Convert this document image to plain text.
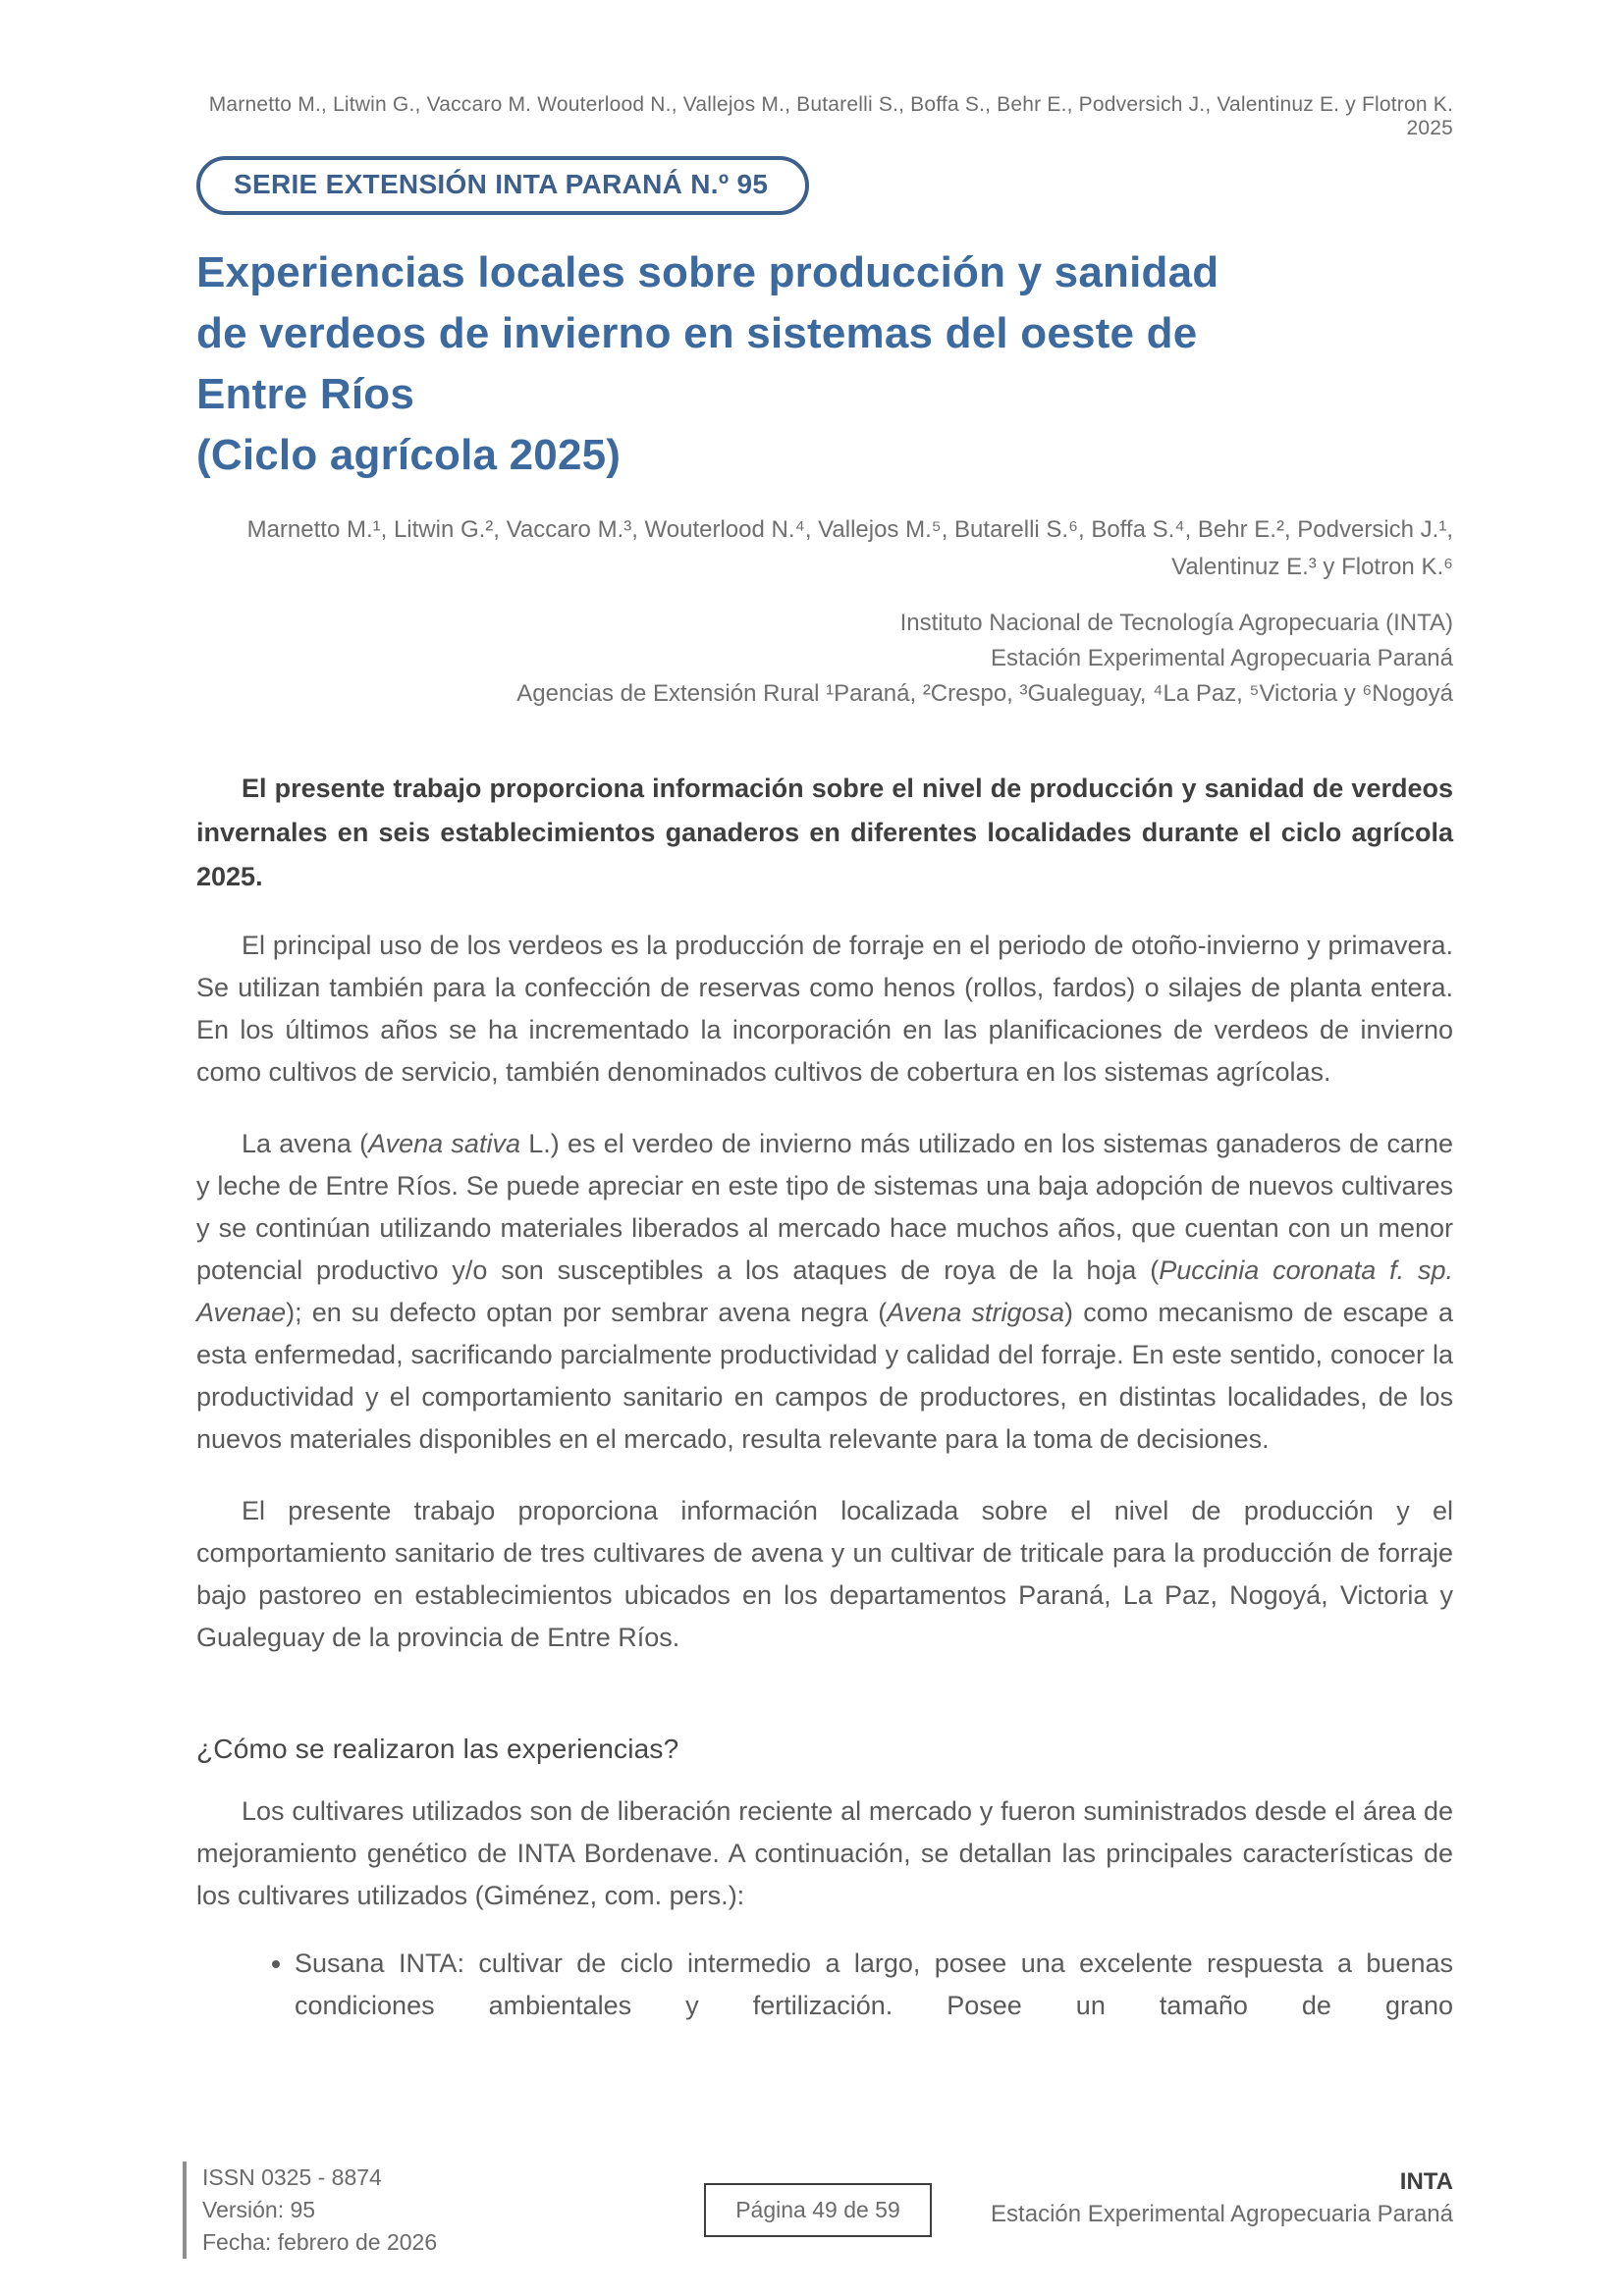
Marnetto M., Litwin G., Vaccaro M. Wouterlood N., Vallejos M., Butarelli S., Boffa S., Behr E., Podversich J., Valentinuz E. y Flotron K. 2025
SERIE EXTENSIÓN INTA PARANÁ N.º 95
Experiencias locales sobre producción y sanidad
de verdeos de invierno en sistemas del oeste de
Entre Ríos
(Ciclo agrícola 2025)
Marnetto M.¹, Litwin G.², Vaccaro M.³, Wouterlood N.⁴, Vallejos M.⁵, Butarelli S.⁶, Boffa S.⁴, Behr E.², Podversich J.¹,
Valentinuz E.³ y Flotron K.⁶
Instituto Nacional de Tecnología Agropecuaria (INTA)
Estación Experimental Agropecuaria Paraná
Agencias de Extensión Rural ¹Paraná, ²Crespo, ³Gualeguay, ⁴La Paz, ⁵Victoria y ⁶Nogoyá

El presente trabajo proporciona información sobre el nivel de producción y sanidad de verdeos invernales en seis establecimientos ganaderos en diferentes localidades durante el ciclo agrícola 2025.

El principal uso de los verdeos es la producción de forraje en el periodo de otoño-invierno y primavera. Se utilizan también para la confección de reservas como henos (rollos, fardos) o silajes de planta entera. En los últimos años se ha incrementado la incorporación en las planificaciones de verdeos de invierno como cultivos de servicio, también denominados cultivos de cobertura en los sistemas agrícolas.

La avena (Avena sativa L.) es el verdeo de invierno más utilizado en los sistemas ganaderos de carne y leche de Entre Ríos. Se puede apreciar en este tipo de sistemas una baja adopción de nuevos cultivares y se continúan utilizando materiales liberados al mercado hace muchos años, que cuentan con un menor potencial productivo y/o son susceptibles a los ataques de roya de la hoja (Puccinia coronata f. sp. Avenae); en su defecto optan por sembrar avena negra (Avena strigosa) como mecanismo de escape a esta enfermedad, sacrificando parcialmente productividad y calidad del forraje. En este sentido, conocer la productividad y el comportamiento sanitario en campos de productores, en distintas localidades, de los nuevos materiales disponibles en el mercado, resulta relevante para la toma de decisiones.

El presente trabajo proporciona información localizada sobre el nivel de producción y el comportamiento sanitario de tres cultivares de avena y un cultivar de triticale para la producción de forraje bajo pastoreo en establecimientos ubicados en los departamentos Paraná, La Paz, Nogoyá, Victoria y Gualeguay de la provincia de Entre Ríos.

¿Cómo se realizaron las experiencias?

Los cultivares utilizados son de liberación reciente al mercado y fueron suministrados desde el área de mejoramiento genético de INTA Bordenave. A continuación, se detallan las principales características de los cultivares utilizados (Giménez, com. pers.):

• Susana INTA: cultivar de ciclo intermedio a largo, posee una excelente respuesta a buenas condiciones ambientales y fertilización. Posee un tamaño de grano
ISSN 0325 - 8874
Versión: 95
Fecha: febrero de 2026
Página 49 de 59
INTA
Estación Experimental Agropecuaria Paraná
